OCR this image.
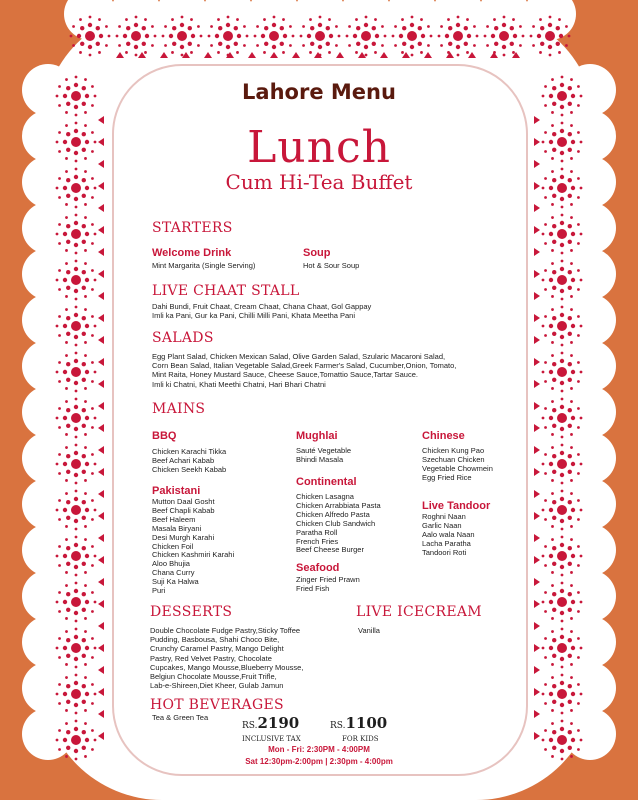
Lahore Menu
Lunch
Cum Hi-Tea Buffet
STARTERS
Welcome Drink
Mint Margarita (Single Serving)
Soup
Hot & Sour Soup
LIVE CHAAT STALL
Dahi Bundi, Fruit Chaat, Cream Chaat, Chana Chaat, Gol Gappay
Imli ka Pani, Gur ka Pani, Chilli Milli Pani, Khata Meetha Pani
SALADS
Egg Plant Salad, Chicken Mexican Salad, Olive Garden Salad, Szularic Macaroni Salad,
Corn Bean Salad, Italian Vegetable Salad,Greek Farmer's Salad, Cucumber,Onion, Tomato,
Mint Raita, Honey Mustard Sauce, Cheese Sauce,Tomattio Sauce,Tartar Sauce.
Imli ki Chatni, Khati Meethi Chatni, Hari Bhari Chatni
MAINS
BBQ
Chicken Karachi Tikka
Beef Achari Kabab
Chicken Seekh Kabab
Pakistani
Mutton Daal Gosht
Beef Chapli Kabab
Beef Haleem
Masala Biryani
Desi Murgh Karahi
Chicken Foil
Chicken Kashmiri Karahi
Aloo Bhujia
Chana Curry
Suji Ka Halwa
Puri
Mughlai
Sauté Vegetable
Bhindi Masala
Continental
Chicken Lasagna
Chicken Arrabbiata Pasta
Chicken Alfredo Pasta
Chicken Club Sandwich
Paratha Roll
French Fries
Beef Cheese Burger
Seafood
Zinger Fried Prawn
Fried Fish
Chinese
Chicken Kung Pao
Szechuan Chicken
Vegetable Chowmein
Egg Fried Rice
Live Tandoor
Roghni Naan
Garlic Naan
Aalo wala Naan
Lacha Paratha
Tandoori Roti
DESSERTS
Double Chocolate Fudge Pastry,Sticky Toffee
Pudding, Basbousa, Shahi Choco Bite,
Crunchy Caramel Pastry, Mango Delight
Pastry, Red Velvet Pastry, Chocolate
Cupcakes, Mango Mousse,Blueberry Mousse,
Belgiun Chocolate Mousse,Fruit Trifle,
Lab-e-Shireen,Diet Kheer, Gulab Jamun
LIVE ICECREAM
Vanilla
HOT BEVERAGES
Tea & Green Tea
RS.2190
INCLUSIVE TAX
RS.1100
FOR KIDS
Mon - Fri: 2:30PM - 4:00PM
Sat 12:30pm-2:00pm | 2:30pm - 4:00pm
